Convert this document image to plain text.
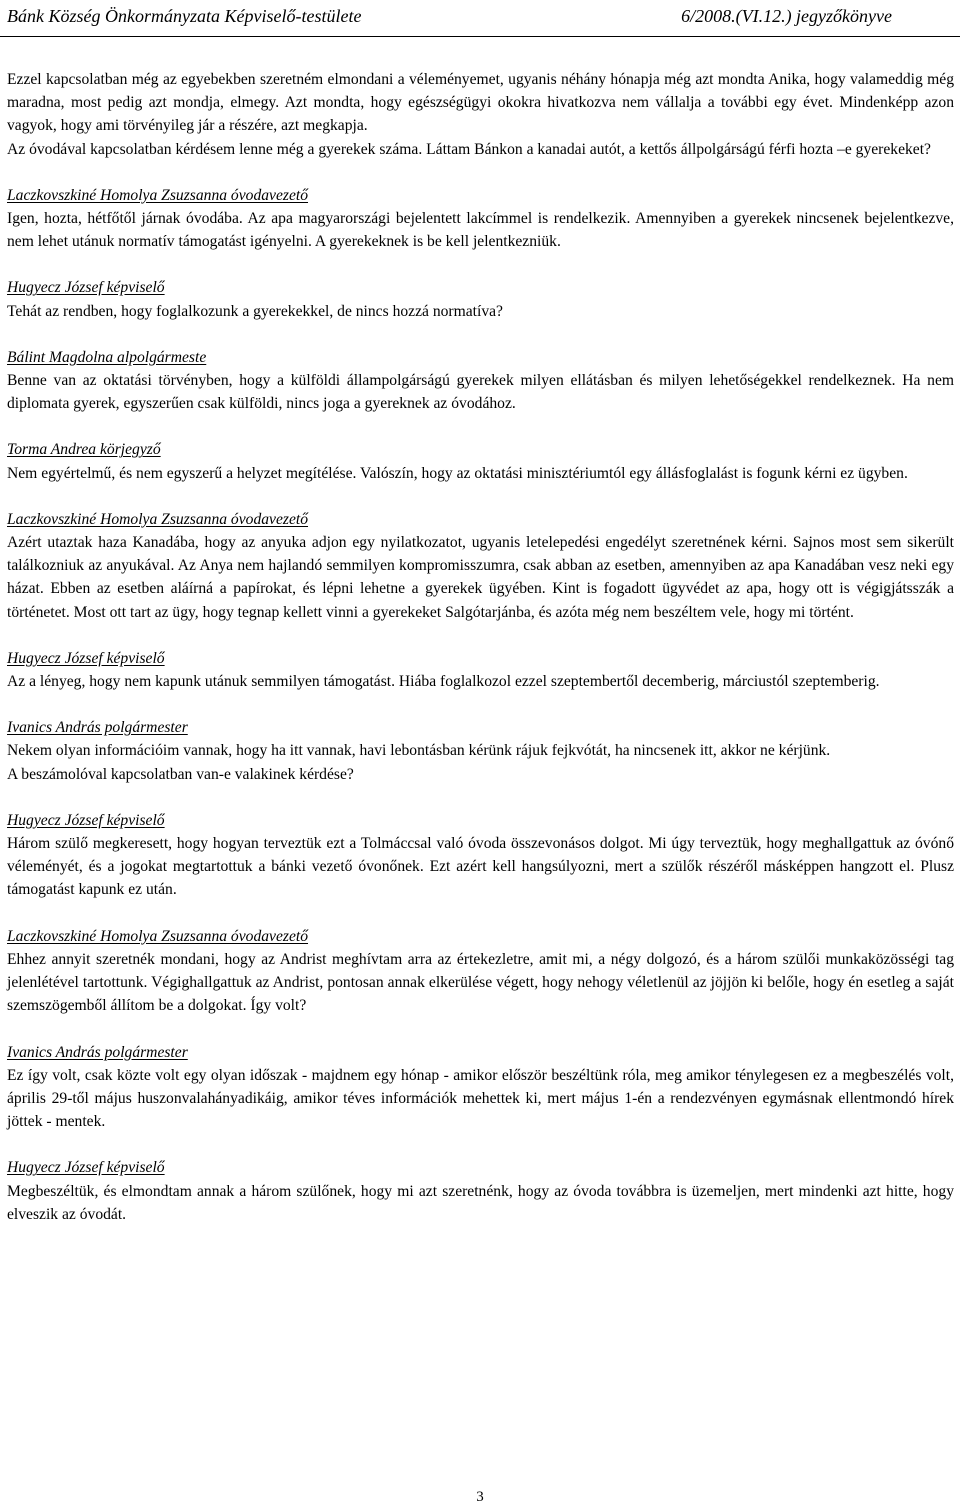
Bánk Község Önkormányzata Képviselő-testülete	6/2008.(VI.12.) jegyzőkönyve

Ezzel kapcsolatban még az egyebekben szeretném elmondani a véleményemet, ugyanis néhány hónapja még azt mondta Anika, hogy valameddig még maradna, most pedig azt mondja, elmegy. Azt mondta, hogy egészségügyi okokra hivatkozva nem vállalja a további egy évet. Mindenképp azon vagyok, hogy ami törvényileg jár a részére, azt megkapja.

Az óvodával kapcsolatban kérdésem lenne még a gyerekek száma. Láttam Bánkon a kanadai autót, a kettős állpolgárságú férfi hozta –e gyerekeket?

Laczkovszkiné Homolya Zsuzsanna óvodavezető

Igen, hozta, hétfőtől járnak óvodába. Az apa magyarországi bejelentett lakcímmel is rendelkezik. Amennyiben a gyerekek nincsenek bejelentkezve, nem lehet utánuk normatív támogatást igényelni. A gyerekeknek is be kell jelentkezniük.

Hugyecz József képviselő

Tehát az rendben, hogy foglalkozunk a gyerekekkel, de nincs hozzá normatíva?

Bálint Magdolna alpolgármeste

Benne van az oktatási törvényben, hogy a külföldi állampolgárságú gyerekek milyen ellátásban és milyen lehetőségekkel rendelkeznek. Ha nem diplomata gyerek, egyszerűen csak külföldi, nincs joga a gyereknek az óvodához.

Torma Andrea körjegyző

Nem egyértelmű, és nem egyszerű a helyzet megítélése. Valószín, hogy az oktatási minisztériumtól egy állásfoglalást is fogunk kérni ez ügyben.

Laczkovszkiné Homolya Zsuzsanna óvodavezető

Azért utaztak haza Kanadába, hogy az anyuka adjon egy nyilatkozatot, ugyanis letelepedési engedélyt szeretnének kérni. Sajnos most sem sikerült találkozniuk az anyukával. Az Anya nem hajlandó semmilyen kompromisszumra, csak abban az esetben, amennyiben az apa Kanadában vesz neki egy házat. Ebben az esetben aláírná a papírokat, és lépni lehetne a gyerekek ügyében. Kint is fogadott ügyvédet az apa, hogy ott is végigjátsszák a történetet. Most ott tart az ügy, hogy tegnap kellett vinni a gyerekeket Salgótarjánba, és azóta még nem beszéltem vele, hogy mi történt.

Hugyecz József képviselő

Az a lényeg, hogy nem kapunk utánuk semmilyen támogatást. Hiába foglalkozol ezzel szeptembertől decemberig, márciustól szeptemberig.

Ivanics András polgármester

Nekem olyan információim vannak, hogy ha itt vannak, havi lebontásban kérünk rájuk fejkvótát, ha nincsenek itt, akkor ne kérjünk.

A beszámolóval kapcsolatban van-e valakinek kérdése?

Hugyecz József képviselő

Három szülő megkeresett, hogy hogyan terveztük ezt a Tolmáccsal való óvoda összevonásos dolgot. Mi úgy terveztük, hogy meghallgattuk az óvónő véleményét, és a jogokat megtartottuk a bánki vezető óvonőnek. Ezt azért kell hangsúlyozni, mert a szülők részéről másképpen hangzott el. Plusz támogatást kapunk ez után.

Laczkovszkiné Homolya Zsuzsanna óvodavezető

Ehhez annyit szeretnék mondani, hogy az Andrist meghívtam arra az értekezletre, amit mi, a négy dolgozó, és a három szülői munkaközösségi tag jelenlétével tartottunk. Végighallgattuk az Andrist, pontosan annak elkerülése végett, hogy nehogy véletlenül az jöjjön ki belőle, hogy én esetleg a saját szemszögemből állítom be a dolgokat. Így volt?

Ivanics András polgármester

Ez így volt, csak közte volt egy olyan időszak - majdnem egy hónap - amikor először beszéltünk róla, meg amikor ténylegesen ez a megbeszélés volt, április 29-től május huszonvalahányadikáig, amikor téves információk mehettek ki, mert május 1-én a rendezvényen egymásnak ellentmondó hírek jöttek - mentek.

Hugyecz József képviselő

Megbeszéltük, és elmondtam annak a három szülőnek, hogy mi azt szeretnénk, hogy az óvoda továbbra is üzemeljen, mert mindenki azt hitte, hogy elveszik az óvodát.

3
